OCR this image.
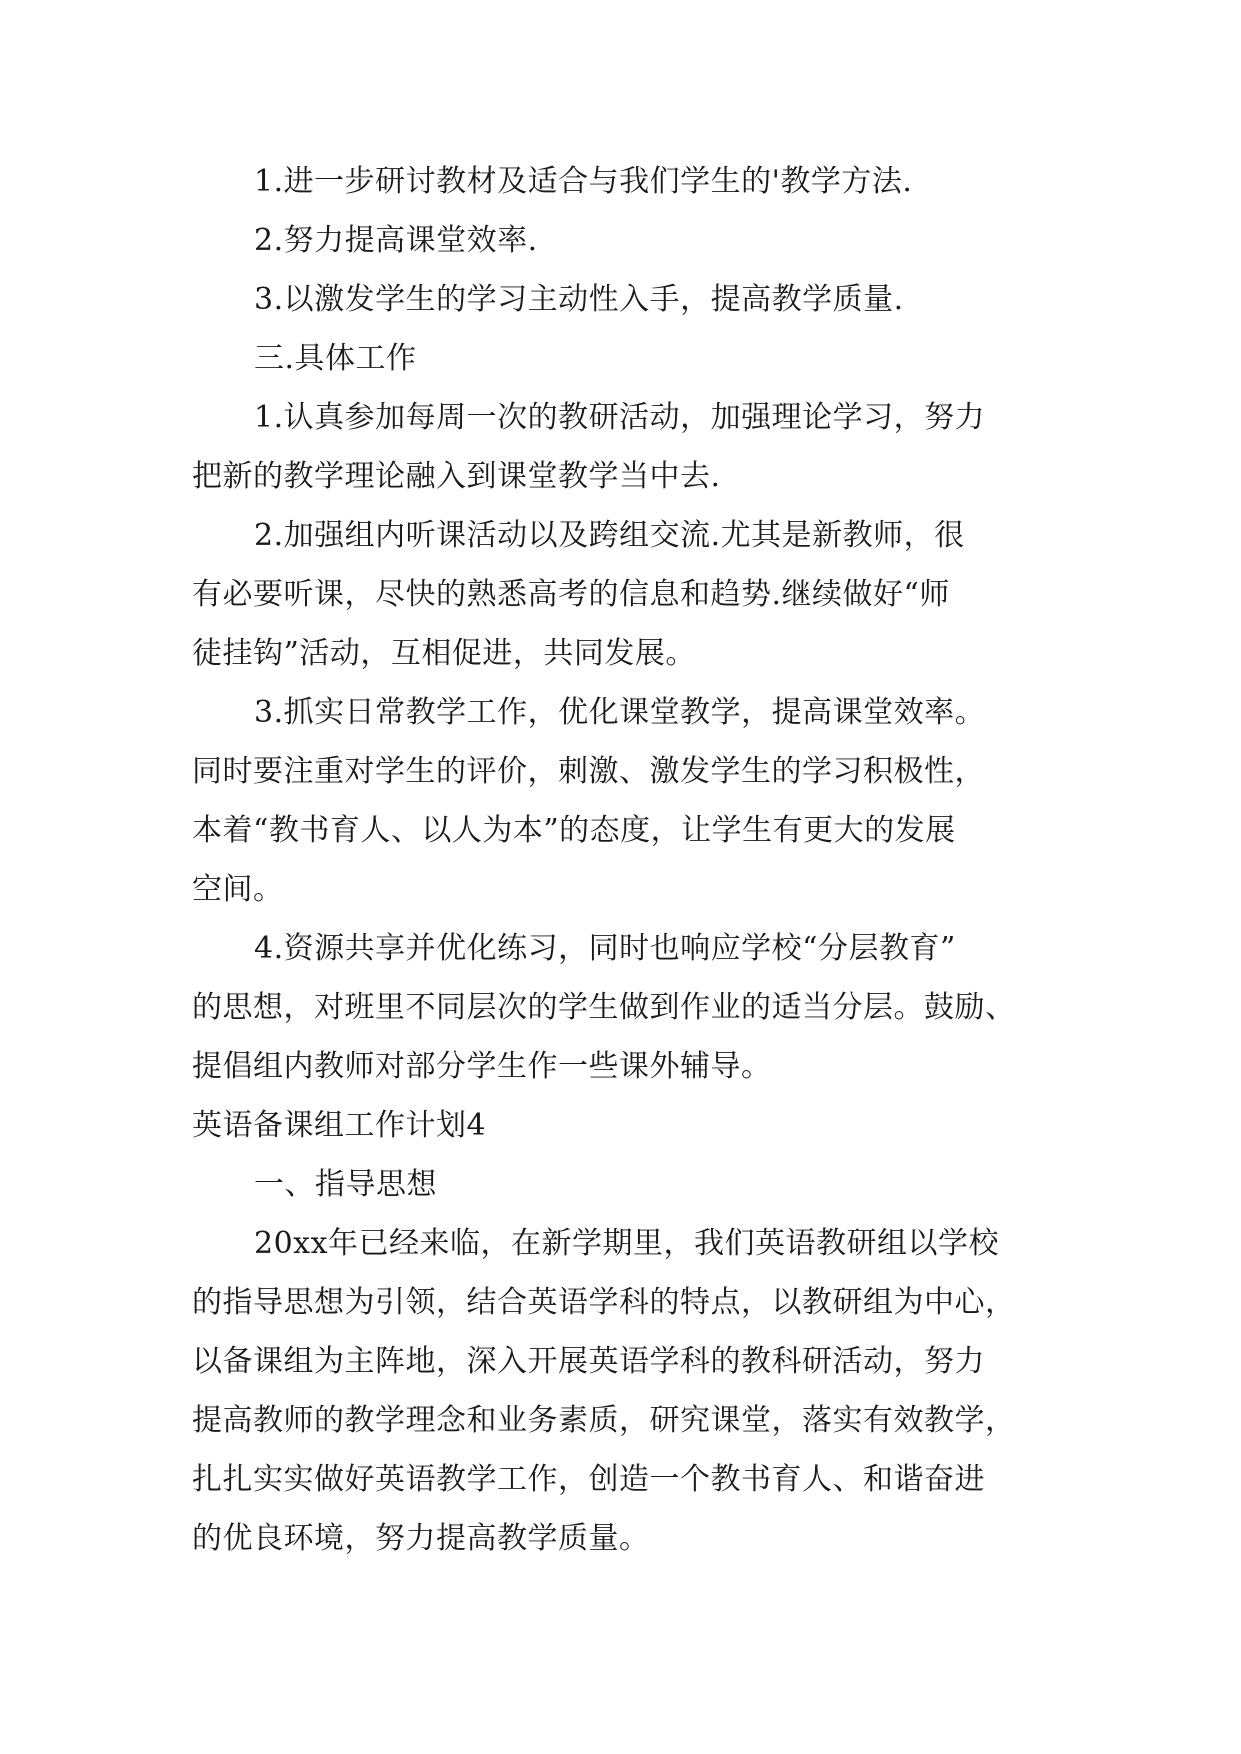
1.进一步研讨教材及适合与我们学生的'教学方法.
2.努力提高课堂效率.
3.以激发学生的学习主动性入手，提高教学质量.
三.具体工作
1.认真参加每周一次的教研活动，加强理论学习，努力
把新的教学理论融入到课堂教学当中去.
2.加强组内听课活动以及跨组交流.尤其是新教师，很
有必要听课，尽快的熟悉高考的信息和趋势.继续做好“师
徒挂钩”活动，互相促进，共同发展。
3.抓实日常教学工作，优化课堂教学，提高课堂效率。
同时要注重对学生的评价，刺激、激发学生的学习积极性，
本着“教书育人、以人为本”的态度，让学生有更大的发展
空间。
4.资源共享并优化练习，同时也响应学校“分层教育”
的思想，对班里不同层次的学生做到作业的适当分层。鼓励、
提倡组内教师对部分学生作一些课外辅导。
英语备课组工作计划4
一、指导思想
20xx年已经来临，在新学期里，我们英语教研组以学校
的指导思想为引领，结合英语学科的特点，以教研组为中心，
以备课组为主阵地，深入开展英语学科的教科研活动，努力
提高教师的教学理念和业务素质，研究课堂，落实有效教学，
扎扎实实做好英语教学工作，创造一个教书育人、和谐奋进
的优良环境，努力提高教学质量。
